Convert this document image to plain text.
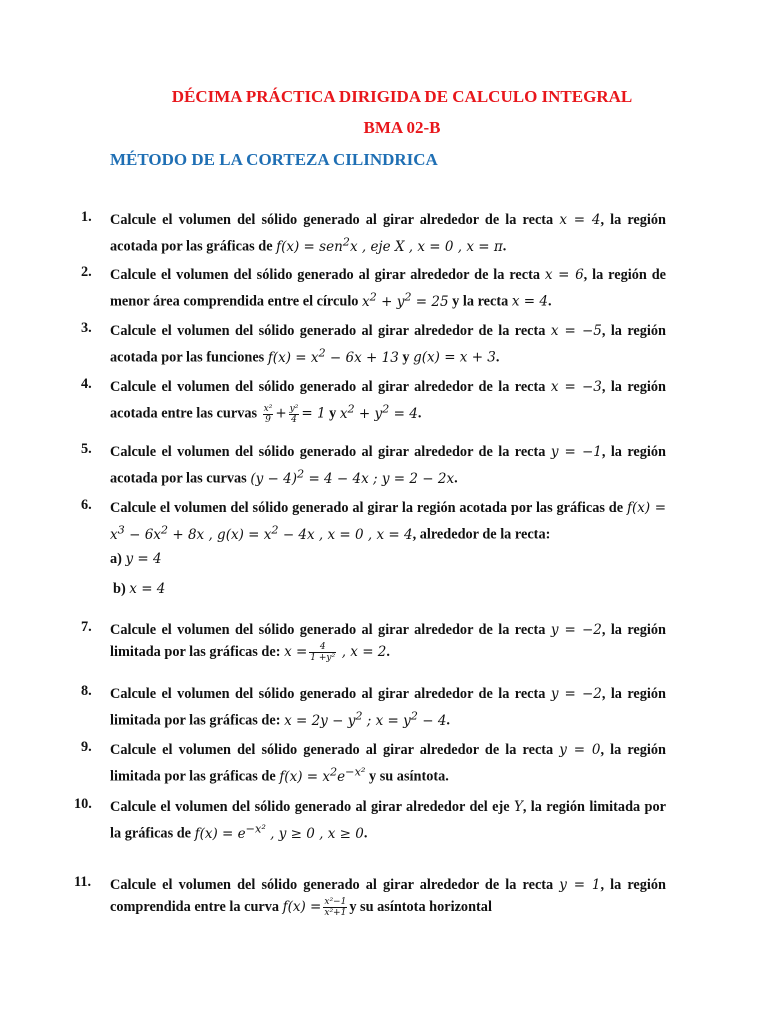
DÉCIMA PRÁCTICA DIRIGIDA DE CALCULO INTEGRAL
BMA 02-B
MÉTODO DE LA CORTEZA CILINDRICA
1. Calcule el volumen del sólido generado al girar alrededor de la recta x = 4, la región acotada por las gráficas de f(x) = sen$^2$x , eje X , x = 0 , x = π.
2. Calcule el volumen del sólido generado al girar alrededor de la recta x = 6, la región de menor área comprendida entre el círculo $x^2 + y^2 = 25$ y la recta x = 4.
3. Calcule el volumen del sólido generado al girar alrededor de la recta x = −5, la región acotada por las funciones $f(x) = x^2 - 6x + 13$ y g(x) = x + 3.
4. Calcule el volumen del sólido generado al girar alrededor de la recta x = −3, la región acotada entre las curvas $\frac{\text{x²}}{9} + \frac{\text{y²}}{4} = 1$ y $x^2 + y^2 = 4$.
5. Calcule el volumen del sólido generado al girar alrededor de la recta y = −1, la región acotada por las curvas $(y - 4)^2 = 4 - 4x$ ; y = 2 − 2x.
6. Calcule el volumen del sólido generado al girar la región acotada por las gráficas de $f(x) = x^3 - 6x^2 + 8x$ , $g(x) = x^2 - 4x$ , x = 0 , x = 4, alrededor de la recta:
a) y = 4
b) x = 4
7. Calcule el volumen del sólido generado al girar alrededor de la recta y = −2, la región limitada por las gráficas de: $x = \frac{4}{\text{1 +y²}}$ , x = 2.
8. Calcule el volumen del sólido generado al girar alrededor de la recta y = −2, la región limitada por las gráficas de: $x = 2y - y^2$ ; $x = y^2 - 4$.
9. Calcule el volumen del sólido generado al girar alrededor de la recta y = 0, la región limitada por las gráficas de $f(x) = x^2e^{-x^2}$ y su asíntota.
10. Calcule el volumen del sólido generado al girar alrededor del eje Y, la región limitada por la gráficas de $f(x) = e^{-x^2}$ , y ≥ 0 , x ≥ 0.
11. Calcule el volumen del sólido generado al girar alrededor de la recta y = 1, la región comprendida entre la curva $f(x) = \frac{\text{x²−1}}{\text{x²+1}}$ y su asíntota horizontal
